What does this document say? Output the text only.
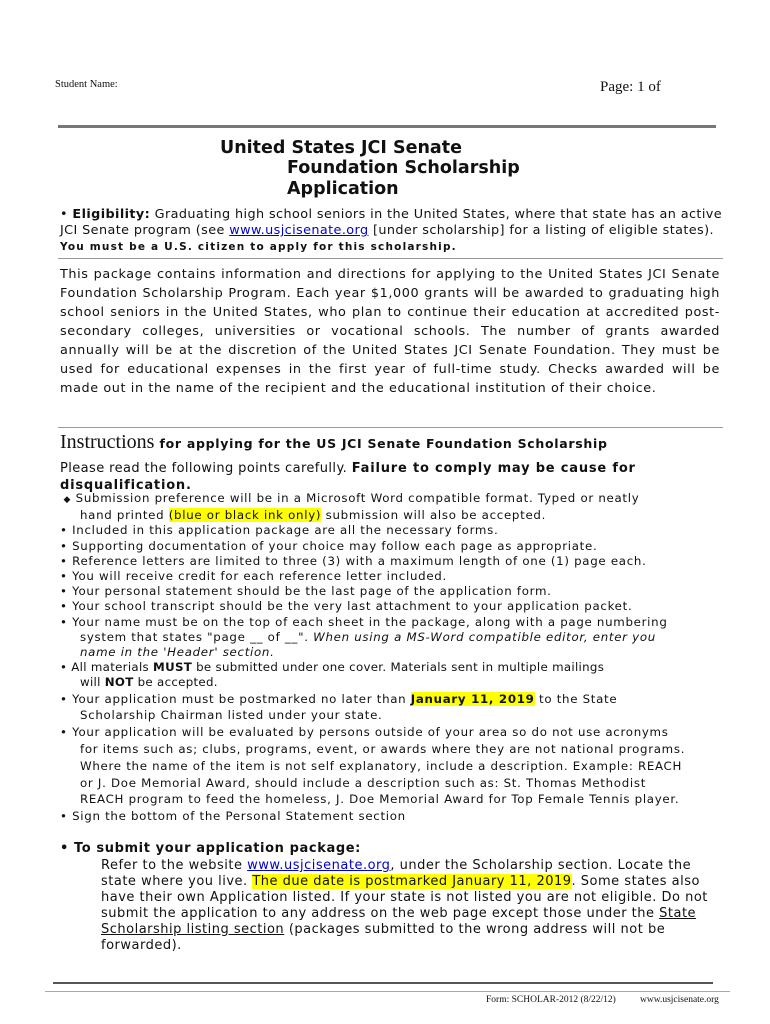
Student Name:	Page: 1 of
United States JCI Senate
Foundation Scholarship
Application
• Eligibility: Graduating high school seniors in the United States, where that state has an active JCI Senate program (see www.usjcisenate.org [under scholarship] for a listing of eligible states). You must be a U.S. citizen to apply for this scholarship.
This package contains information and directions for applying to the United States JCI Senate Foundation Scholarship Program. Each year $1,000 grants will be awarded to graduating high school seniors in the United States, who plan to continue their education at accredited post-secondary colleges, universities or vocational schools. The number of grants awarded annually will be at the discretion of the United States JCI Senate Foundation. They must be used for educational expenses in the first year of full-time study. Checks awarded will be made out in the name of the recipient and the educational institution of their choice.
Instructions for applying for the US JCI Senate Foundation Scholarship
Please read the following points carefully. Failure to comply may be cause for disqualification.
◆ Submission preference will be in a Microsoft Word compatible format. Typed or neatly
hand printed (blue or black ink only) submission will also be accepted.
• Included in this application package are all the necessary forms.
• Supporting documentation of your choice may follow each page as appropriate.
• Reference letters are limited to three (3) with a maximum length of one (1) page each.
• You will receive credit for each reference letter included.
• Your personal statement should be the last page of the application form.
• Your school transcript should be the very last attachment to your application packet.
• Your name must be on the top of each sheet in the package, along with a page numbering
system that states "page __ of __". When using a MS-Word compatible editor, enter you
name in the 'Header' section.
• All materials MUST be submitted under one cover. Materials sent in multiple mailings
will NOT be accepted.
• Your application must be postmarked no later than January 11, 2019 to the State
Scholarship Chairman listed under your state.
• Your application will be evaluated by persons outside of your area so do not use acronyms
for items such as; clubs, programs, event, or awards where they are not national programs.
Where the name of the item is not self explanatory, include a description. Example: REACH
or J. Doe Memorial Award, should include a description such as: St. Thomas Methodist
REACH program to feed the homeless, J. Doe Memorial Award for Top Female Tennis player.
• Sign the bottom of the Personal Statement section
• To submit your application package:
Refer to the website www.usjcisenate.org, under the Scholarship section. Locate the state where you live. The due date is postmarked January 11, 2019. Some states also have their own Application listed. If your state is not listed you are not eligible. Do not submit the application to any address on the web page except those under the State Scholarship listing section (packages submitted to the wrong address will not be forwarded).
Form: SCHOLAR-2012 (8/22/12)	www.usjcisenate.org
